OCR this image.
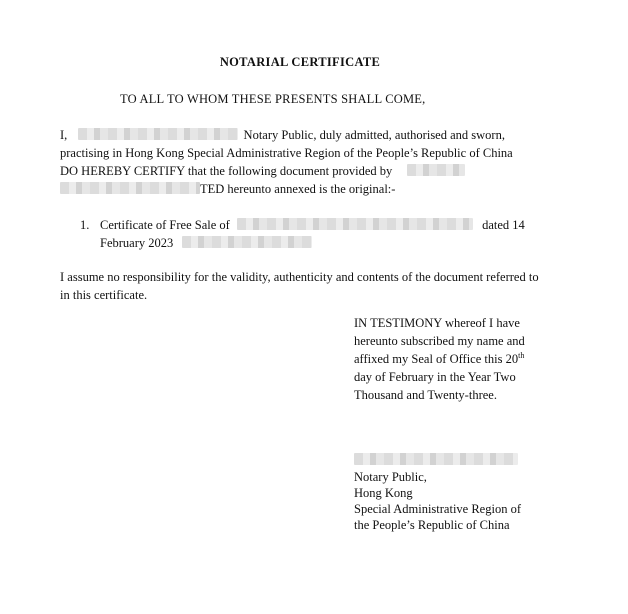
NOTARIAL CERTIFICATE
TO ALL TO WHOM THESE PRESENTS SHALL COME,
I,	Notary Public, duly admitted, authorised and sworn,
practising in Hong Kong Special Administrative Region of the People’s Republic of China
DO HEREBY CERTIFY that the following document provided by
TED hereunto annexed is the original:-
1. Certificate of Free Sale of	dated 14
February 2023
I assume no responsibility for the validity, authenticity and contents of the document referred to in this certificate.
IN TESTIMONY whereof I have
hereunto subscribed my name and
affixed my Seal of Office this 20th
day of February in the Year Two
Thousand and Twenty-three.
Notary Public,
Hong Kong
Special Administrative Region of
the People’s Republic of China
